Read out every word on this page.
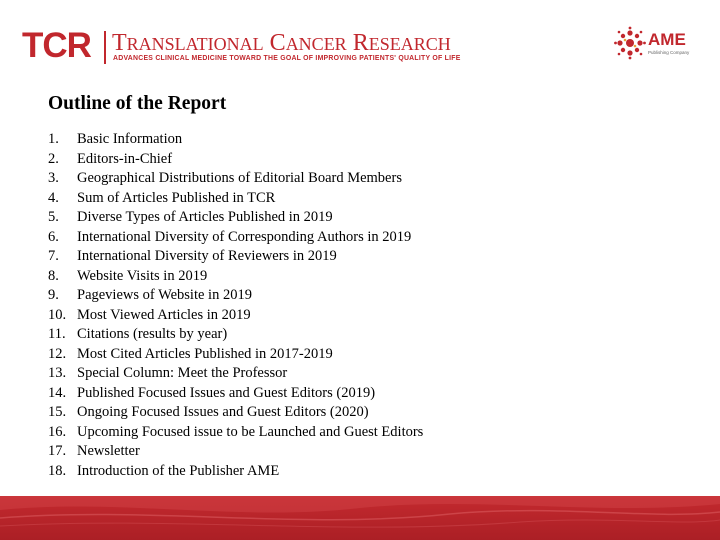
TCR TRANSLATIONAL CANCER RESEARCH
ADVANCES CLINICAL MEDICINE TOWARD THE GOAL OF IMPROVING PATIENTS' QUALITY OF LIFE
AME
Publishing Company
Outline of the Report
1. Basic Information
2. Editors-in-Chief
3. Geographical Distributions of Editorial Board Members
4. Sum of Articles Published in TCR
5. Diverse Types of Articles Published in 2019
6. International Diversity of Corresponding Authors in 2019
7. International Diversity of Reviewers in 2019
8. Website Visits in 2019
9. Pageviews of Website in 2019
10. Most Viewed Articles in 2019
11. Citations (results by year)
12. Most Cited Articles Published in 2017-2019
13. Special Column: Meet the Professor
14. Published Focused Issues and Guest Editors (2019)
15. Ongoing Focused Issues and Guest Editors (2020)
16. Upcoming Focused issue to be Launched and Guest Editors
17. Newsletter
18. Introduction of the Publisher AME
